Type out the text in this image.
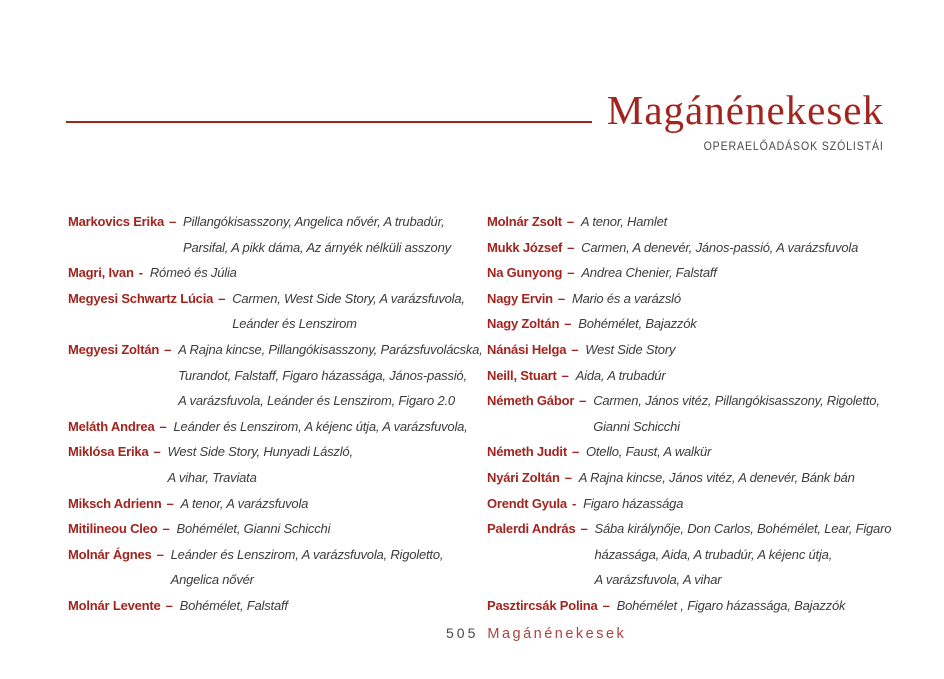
Magánénekesek
OPERAELŐADÁSOK SZÓLISTÁI
Markovics Erika – Pillangókisasszony, Angelica nővér, A trubadúr,
Parsifal, A pikk dáma, Az árnyék nélküli asszony
Magri, Ivan - Rómeó és Júlia
Megyesi Schwartz Lúcia – Carmen, West Side Story, A varázsfuvola,
Leánder és Lenszirom
Megyesi Zoltán – A Rajna kincse, Pillangókisasszony, Parázsfuvolácska,
Turandot, Falstaff, Figaro házassága, János-passió,
A varázsfuvola, Leánder és Lenszirom, Figaro 2.0
Meláth Andrea – Leánder és Lenszirom, A kéjenc útja, A varázsfuvola,
Miklósa Erika – West Side Story, Hunyadi László,
A vihar, Traviata
Miksch Adrienn – A tenor, A varázsfuvola
Mitilineou Cleo – Bohémélet, Gianni Schicchi
Molnár Ágnes – Leánder és Lenszirom, A varázsfuvola, Rigoletto,
Angelica nővér
Molnár Levente – Bohémélet, Falstaff
Molnár Zsolt – A tenor, Hamlet
Mukk József – Carmen, A denevér, János-passió, A varázsfuvola
Na Gunyong – Andrea Chenier, Falstaff
Nagy Ervin – Mario és a varázsló
Nagy Zoltán – Bohémélet, Bajazzók
Nánási Helga – West Side Story
Neill, Stuart – Aida, A trubadúr
Németh Gábor – Carmen, János vitéz, Pillangókisasszony, Rigoletto,
Gianni Schicchi
Németh Judit – Otello, Faust, A walkür
Nyári Zoltán – A Rajna kincse, János vitéz, A denevér, Bánk bán
Orendt Gyula - Figaro házassága
Palerdi András – Sába királynője, Don Carlos, Bohémélet, Lear, Figaro
házassága, Aida, A trubadúr, A kéjenc útja,
A varázsfuvola, A vihar
Pasztircsák Polina – Bohémélet , Figaro házassága, Bajazzók
505 Magánénekesek
